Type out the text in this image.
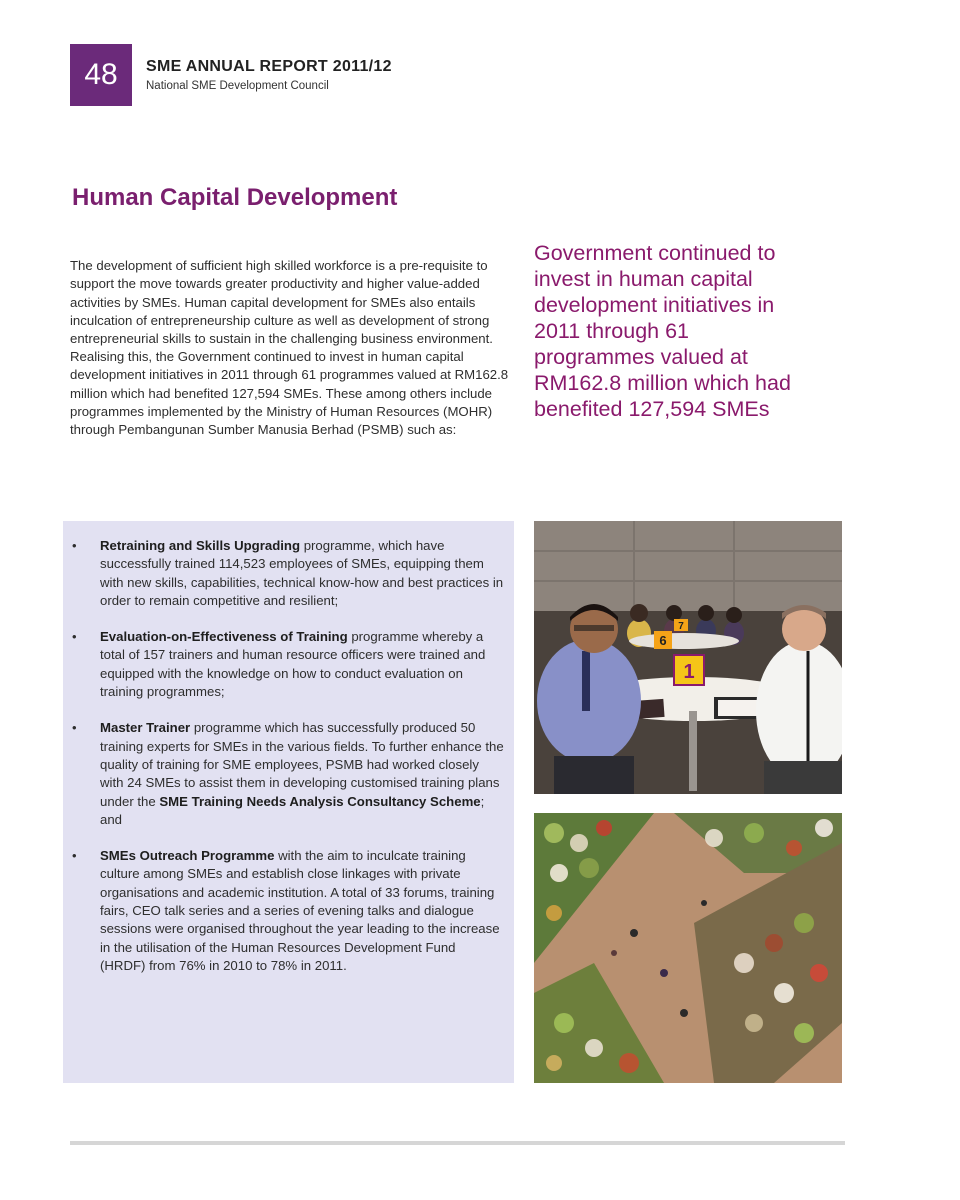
48 SME ANNUAL REPORT 2011/12
National SME Development Council
Human Capital Development

The development of sufficient high skilled workforce is a pre-requisite to support the move towards greater productivity and higher value-added activities by SMEs. Human capital development for SMEs also entails inculcation of entrepreneurship culture as well as development of strong entrepreneurial skills to sustain in the challenging business environment. Realising this, the Government continued to invest in human capital development initiatives in 2011 through 61 programmes valued at RM162.8 million which had benefited 127,594 SMEs. These among others include programmes implemented by the Ministry of Human Resources (MOHR) through Pembangunan Sumber Manusia Berhad (PSMB) such as:

Government continued to invest in human capital development initiatives in 2011 through 61 programmes valued at RM162.8 million which had benefited 127,594 SMEs
• Retraining and Skills Upgrading programme, which have successfully trained 114,523 employees of SMEs, equipping them with new skills, capabilities, technical know-how and best practices in order to remain competitive and resilient;
• Evaluation-on-Effectiveness of Training programme whereby a total of 157 trainers and human resource officers were trained and equipped with the knowledge on how to conduct evaluation on training programmes;
• Master Trainer programme which has successfully produced 50 training experts for SMEs in the various fields. To further enhance the quality of training for SME employees, PSMB had worked closely with 24 SMEs to assist them in developing customised training plans under the SME Training Needs Analysis Consultancy Scheme; and
• SMEs Outreach Programme with the aim to inculcate training culture among SMEs and establish close linkages with private organisations and academic institution. A total of 33 forums, training fairs, CEO talk series and a series of evening talks and dialogue sessions were organised throughout the year leading to the increase in the utilisation of the Human Resources Development Fund (HRDF) from 76% in 2010 to 78% in 2011.
1
6
7
